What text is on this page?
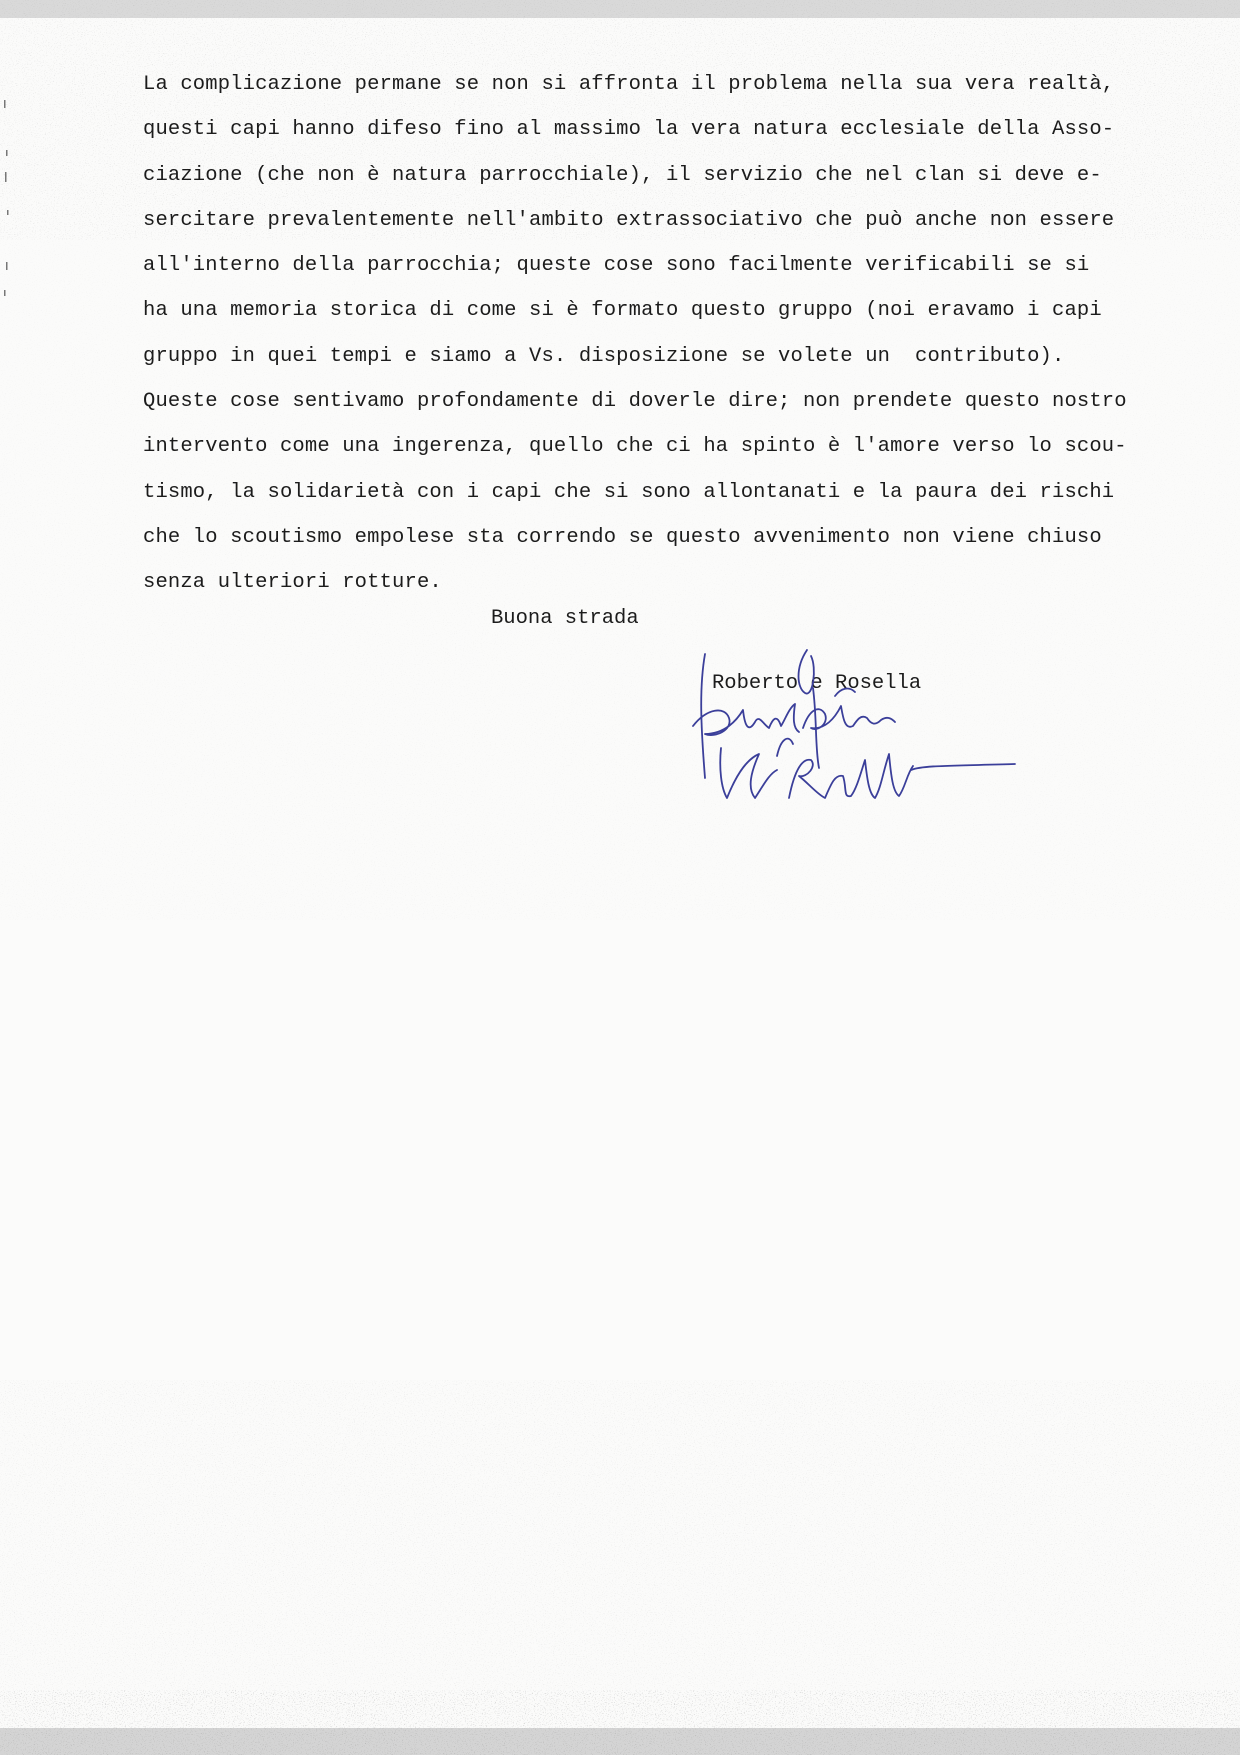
La complicazione permane se non si affronta il problema nella sua vera realtà,
questi capi hanno difeso fino al massimo la vera natura ecclesiale della Asso-
ciazione (che non è natura parrocchiale), il servizio che nel clan si deve e-
sercitare prevalentemente nell'ambito extrassociativo che può anche non essere
all'interno della parrocchia; queste cose sono facilmente verificabili se si
ha una memoria storica di come si è formato questo gruppo (noi eravamo i capi
gruppo in quei tempi e siamo a Vs. disposizione se volete un  contributo).
Queste cose sentivamo profondamente di doverle dire; non prendete questo nostro
intervento come una ingerenza, quello che ci ha spinto è l'amore verso lo scou-
tismo, la solidarietà con i capi che si sono allontanati e la paura dei rischi
che lo scoutismo empolese sta correndo se questo avvenimento non viene chiuso
senza ulteriori rotture.
Buona strada
Roberto e Rosella
